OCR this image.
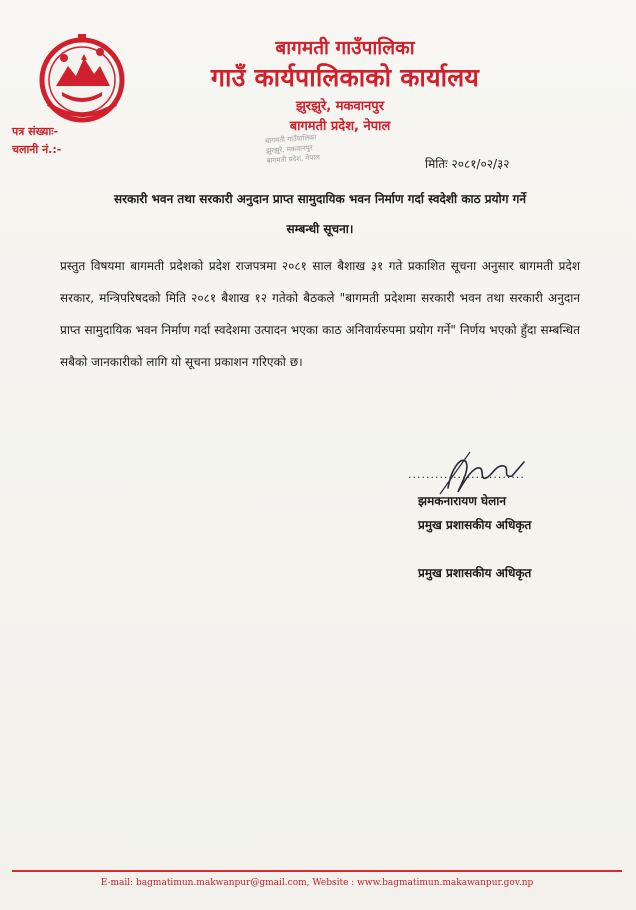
बागमती गाउँपालिका
गाउँ कार्यपालिकाको कार्यालय
झुरझुरे, मकवानपुर
बागमती प्रदेश, नेपाल
पत्र संख्याः-
चलानी नं.:-
बागमती गाउँपालिका
झुरझुरे, मकवानपुर
बागमती प्रदेश, नेपाल	मितिः २०८१/०२/३२
सरकारी भवन तथा सरकारी अनुदान प्राप्त सामुदायिक भवन निर्माण गर्दा स्वदेशी काठ प्रयोग गर्ने
सम्बन्धी सूचना।
प्रस्तुत विषयमा बागमती प्रदेशको प्रदेश राजपत्रमा २०८१ साल बैशाख ३१ गते प्रकाशित सूचना अनुसार बागमती प्रदेश सरकार, मन्त्रिपरिषदको मिति २०८१ बैशाख १२ गतेको बैठकले "बागमती प्रदेशमा सरकारी भवन तथा सरकारी अनुदान प्राप्त सामुदायिक भवन निर्माण गर्दा स्वदेशमा उत्पादन भएका काठ अनिवार्यरुपमा प्रयोग गर्ने" निर्णय भएको हुँदा सम्बन्धित सबैको जानकारीको लागि यो सूचना प्रकाशन गरिएको छ।
..........................
झमकनारायण घेलान
प्रमुख प्रशासकीय अधिकृत
प्रमुख प्रशासकीय अधिकृत
E-mail: bagmatimun.makwanpur@gmail.com, Website : www.bagmatimun.makawanpur.gov.np
